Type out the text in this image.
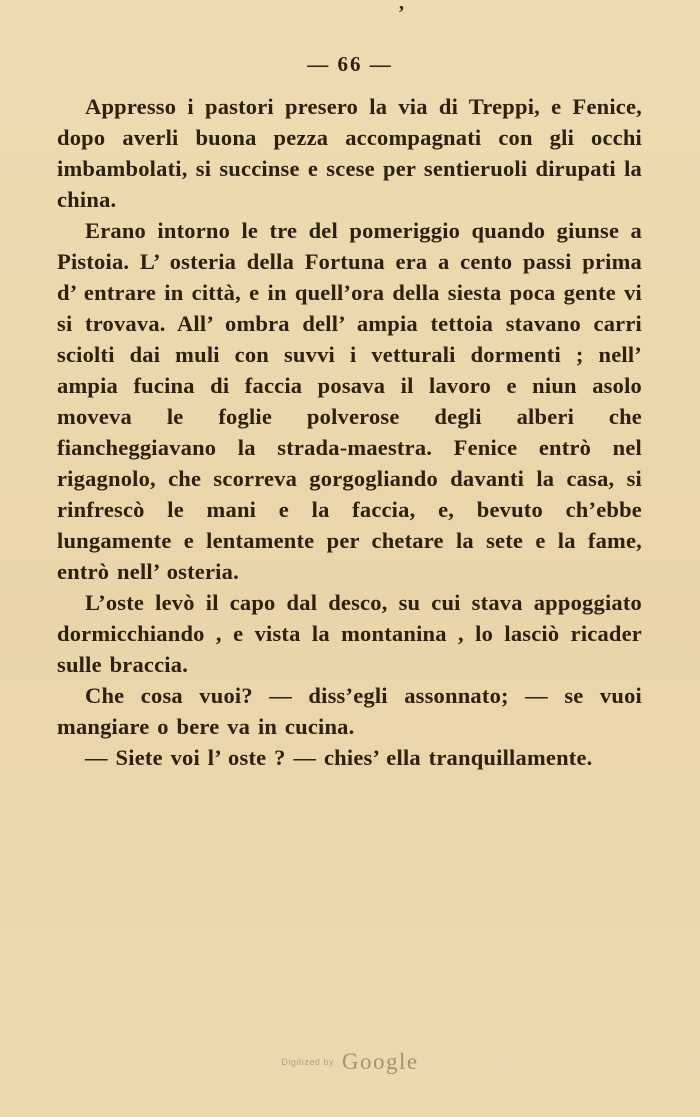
’
— 66 —

Appresso i pastori presero la via di Treppi, e Fenice, dopo averli buona pezza accompagnati con gli occhi imbambolati, si succinse e scese per sentieruoli dirupati la china.

Erano intorno le tre del pomeriggio quando giunse a Pistoia. L’ osteria della Fortuna era a cento passi prima d’ entrare in città, e in quell’ora della siesta poca gente vi si trovava. All’ ombra dell’ ampia tettoia stavano carri sciolti dai muli con suvvi i vetturali dormenti ; nell’ ampia fucina di faccia posava il lavoro e niun asolo moveva le foglie polverose degli alberi che fiancheggiavano la strada-maestra. Fenice entrò nel rigagnolo, che scorreva gorgogliando davanti la casa, si rinfrescò le mani e la faccia, e, bevuto ch’ebbe lungamente e lentamente per chetare la sete e la fame, entrò nell’ osteria.

L’oste levò il capo dal desco, su cui stava appoggiato dormicchiando , e vista la montanina , lo lasciò ricader sulle braccia.

Che cosa vuoi? — diss’egli assonnato; — se vuoi mangiare o bere va in cucina.

— Siete voi l’ oste ? — chies’ ella tranquillamente.

Digitized by Google
